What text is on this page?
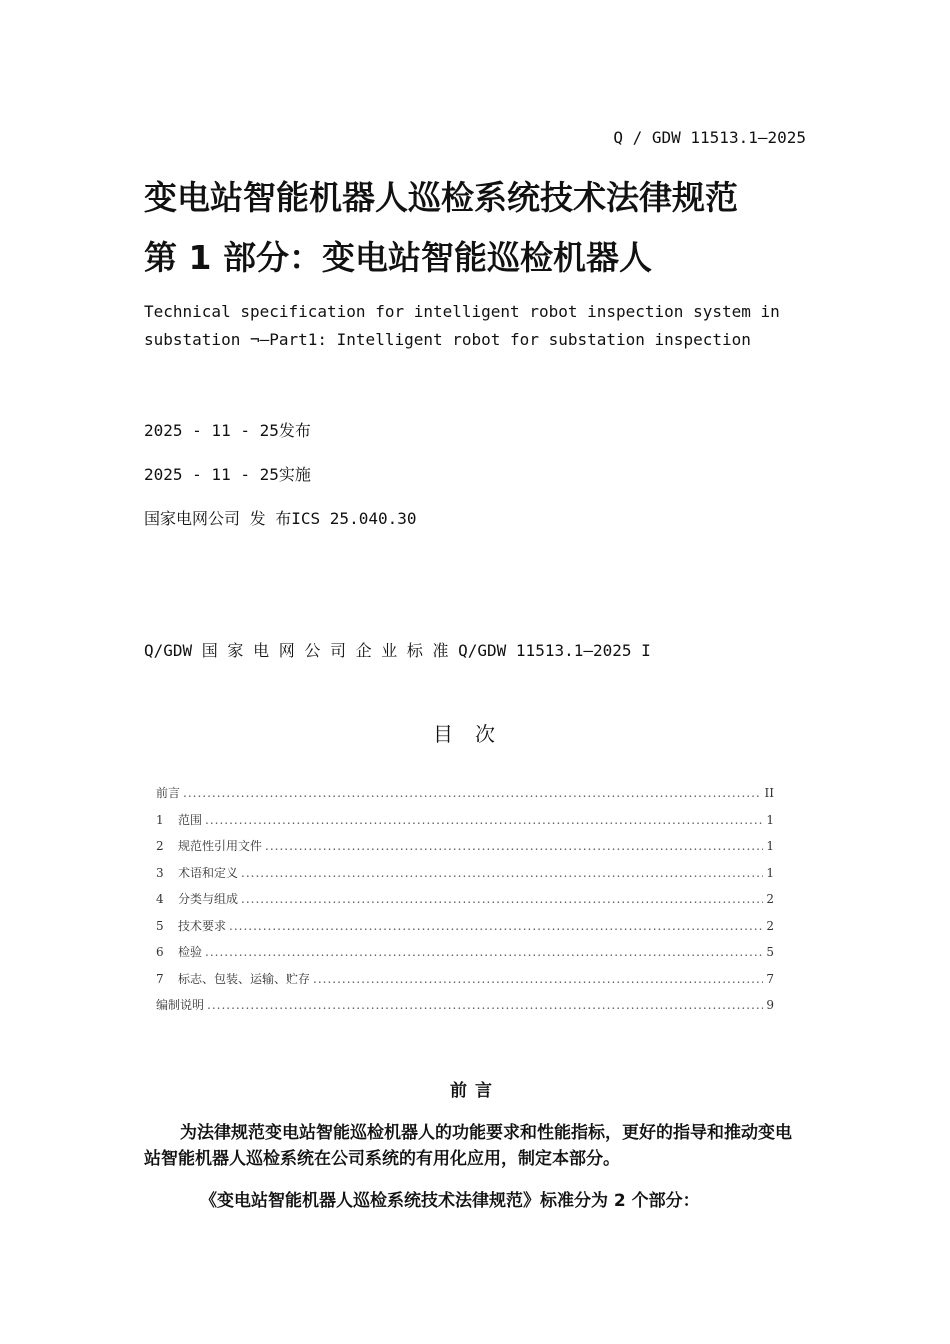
Q / GDW 11513.1—2025
变电站智能机器人巡检系统技术法律规范
第 1 部分：变电站智能巡检机器人
Technical specification for intelligent robot inspection system in
substation ¬—Part1: Intelligent robot for substation inspection
2025 - 11 - 25发布
2025 - 11 - 25实施
国家电网公司 发 布ICS 25.040.30
Q/GDW 国 家 电 网 公 司 企 业 标 准 Q/GDW 11513.1—2025 I
目次
前言 .....	II
1	范围 .....	1
2	规范性引用文件 .....	1
3	术语和定义 .....	1
4	分类与组成 .....	2
5	技术要求 .....	2
6	检验 .....	5
7	标志、包装、运输、贮存 .....	7
编制说明 .....	9
前言
为法律规范变电站智能巡检机器人的功能要求和性能指标，更好的指导和推动变电站智能机器人巡检系统在公司系统的有用化应用，制定本部分。
《变电站智能机器人巡检系统技术法律规范》标准分为 2 个部分：
